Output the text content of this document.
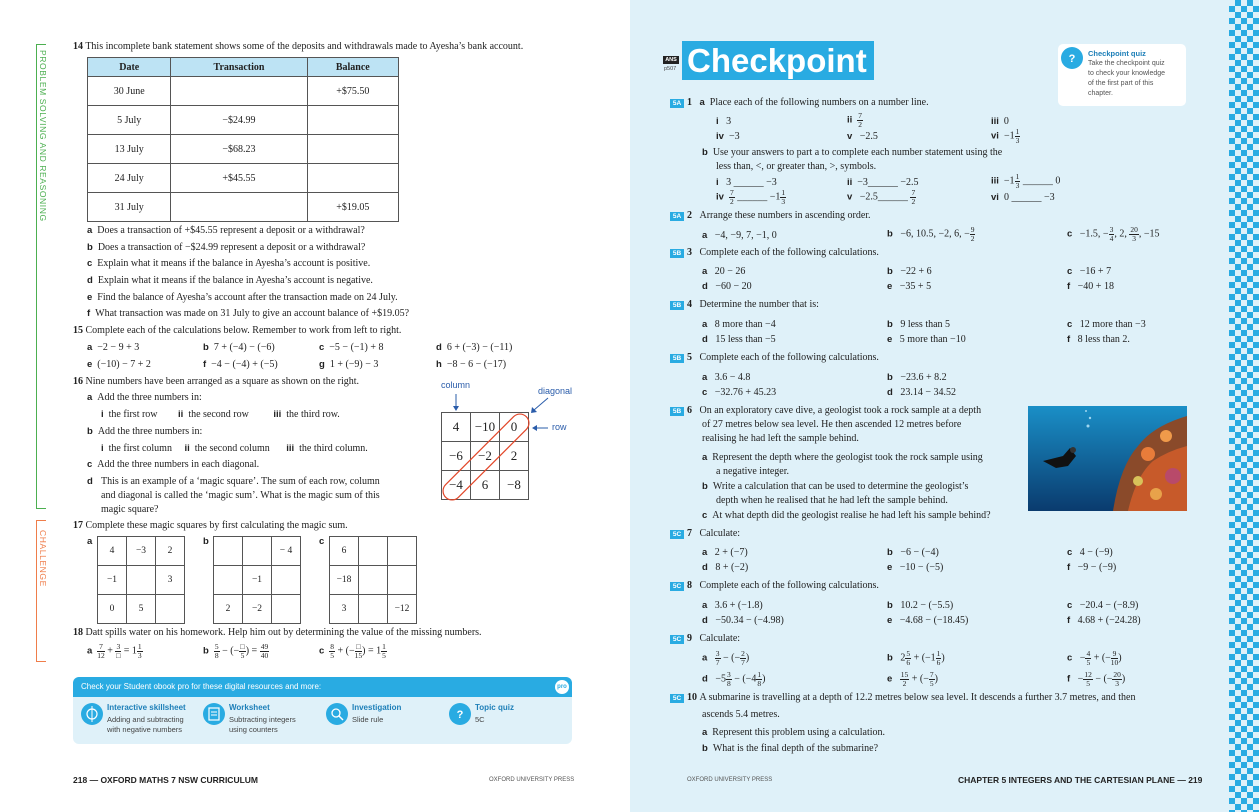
PROBLEM SOLVING AND REASONING
CHALLENGE
14 This incomplete bank statement shows some of the deposits and withdrawals made to Ayesha’s bank account.
Date	Transaction	Balance
30 June		+$75.50
5 July	−$24.99	
13 July	−$68.23	
24 July	+$45.55	
31 July		+$19.05
a Does a transaction of +$45.55 represent a deposit or a withdrawal?
b Does a transaction of −$24.99 represent a deposit or a withdrawal?
c Explain what it means if the balance in Ayesha’s account is positive.
d Explain what it means if the balance in Ayesha’s account is negative.
e Find the balance of Ayesha’s account after the transaction made on 24 July.
f What transaction was made on 31 July to give an account balance of +$19.05?
15 Complete each of the calculations below. Remember to work from left to right.
a −2 − 9 + 3	b 7 + (−4) − (−6)	c −5 − (−1) + 8	d 6 + (−3) − (−11)
e (−10) − 7 + 2	f −4 − (−4) + (−5)	g 1 + (−9) − 3	h −8 − 6 − (−17)
16 Nine numbers have been arranged as a square as shown on the right.
a Add the three numbers in:
i the first row ii the second row	iii the third row.
b Add the three numbers in:
i the first column ii the second column iii the third column.
c Add the three numbers in each diagonal.
d This is an example of a ‘magic square’. The sum of each row, column
and diagonal is called the ‘magic sum’. What is the magic sum of this
magic square?
column
diagonal
row
4	−10	0
−6	−2	2
−4	6	−8
17 Complete these magic squares by first calculating the magic sum.
a
4	−3	2
−1		3
0	5	
b
		− 4
	−1	
2	−2	
c
6		
−18		
3		−12
18 Datt spills water on his homework. Help him out by determining the value of the missing numbers.
a $\frac{7}{12} + \frac{3}{□} = 1 \frac{1}{3}$	b $\frac{5}{8}$ − (− $\frac{□}{5}$ ) = $\frac{49}{40}$	c $\frac{8}{5}$ + (− $\frac{□}{15}$ ) = $1 \frac{1}{5}$
Check your Student obook pro for these digital resources and more:	pro
Interactive skillsheet
Adding and subtracting
with negative numbers
Worksheet
Subtracting integers
using counters
Investigation
Slide rule	?
Topic quiz
5C
218 — OXFORD MATHS 7 NSW CURRICULUM	OXFORD UNIVERSITY PRESS
ANS
p507 Checkpoint	? Checkpoint quiz
Take the checkpoint quiz
to check your knowledge
of the first part of this
chapter.
5A 1 a Place each of the following numbers on a number line.
i 3	ii $\frac{7}{2}$	iii 0
iv −3	v −2.5	vi $-1 \frac{1}{3}$
b Use your answers to part a to complete each number statement using the
less than, <, or greater than, >, symbols.
i 3 ______ −3	ii −3______ −2.5	iii  $-1 \frac{1}{3}$ ______ 0
iv $\frac{7}{2}$ ______ $-1 \frac{1}{3}$	v −2.5______ $\frac{7}{2}$	vi 0 ______ −3
5A 2 Arrange these numbers in ascending order.
a −4, −9, 7, −1, 0	b −6, 10.5, −2, 6, − $\frac{9}{2}$	c −1.5, − $\frac{3}{4}$ , 2, $\frac{20}{3}$ , −15
5B 3 Complete each of the following calculations.
a 20 − 26	b −22 + 6	c −16 + 7
d −60 − 20	e −35 + 5	f −40 + 18
5B 4 Determine the number that is:
a 8 more than −4	b 9 less than 5	c 12 more than −3
d 15 less than −5	e 5 more than −10	f 8 less than 2.
5B 5 Complete each of the following calculations.
a 3.6 − 4.8	b −23.6 + 8.2
c −32.76 + 45.23	d 23.14 − 34.52
5B 6 On an exploratory cave dive, a geologist took a rock sample at a depth
of 27 metres below sea level. He then ascended 12 metres before
realising he had left the sample behind.
a Represent the depth where the geologist took the rock sample using
a negative integer.
b Write a calculation that can be used to determine the geologist’s
depth when he realised that he had left the sample behind.
c At what depth did the geologist realise he had left his sample behind?
5C 7 Calculate:
a 2 + (−7)	b −6 − (−4)	c 4 − (−9)
d 8 + (−2)	e −10 − (−5)	f −9 − (−9)
5C 8 Complete each of the following calculations.
a 3.6 + (−1.8)	b 10.2 − (−5.5)	c −20.4 − (−8.9)
d −50.34 − (−4.98)	e −4.68 − (−18.45)	f 4.68 + (−24.28)
5C 9 Calculate:
a $\frac{3}{7}$ − (− $\frac{2}{7}$ )	b   $2 \frac{5}{6} + (-1 \frac{1}{6}$ )	$c - \frac{4}{5}$ + (− $\frac{9}{10}$ )
$d -5 \frac{3}{8} - (-4 \frac{1}{8}$ )	e $\frac{15}{2}$ + (− $\frac{7}{5}$ )	$f - \frac{12}{5}$ − (− $\frac{20}{3}$ )
5C 10 A submarine is travelling at a depth of 12.2 metres below sea level. It descends a further 3.7 metres, and then
ascends 5.4 metres.
a Represent this problem using a calculation.
b What is the final depth of the submarine?
OXFORD UNIVERSITY PRESS	CHAPTER 5 INTEGERS AND THE CARTESIAN PLANE — 219
